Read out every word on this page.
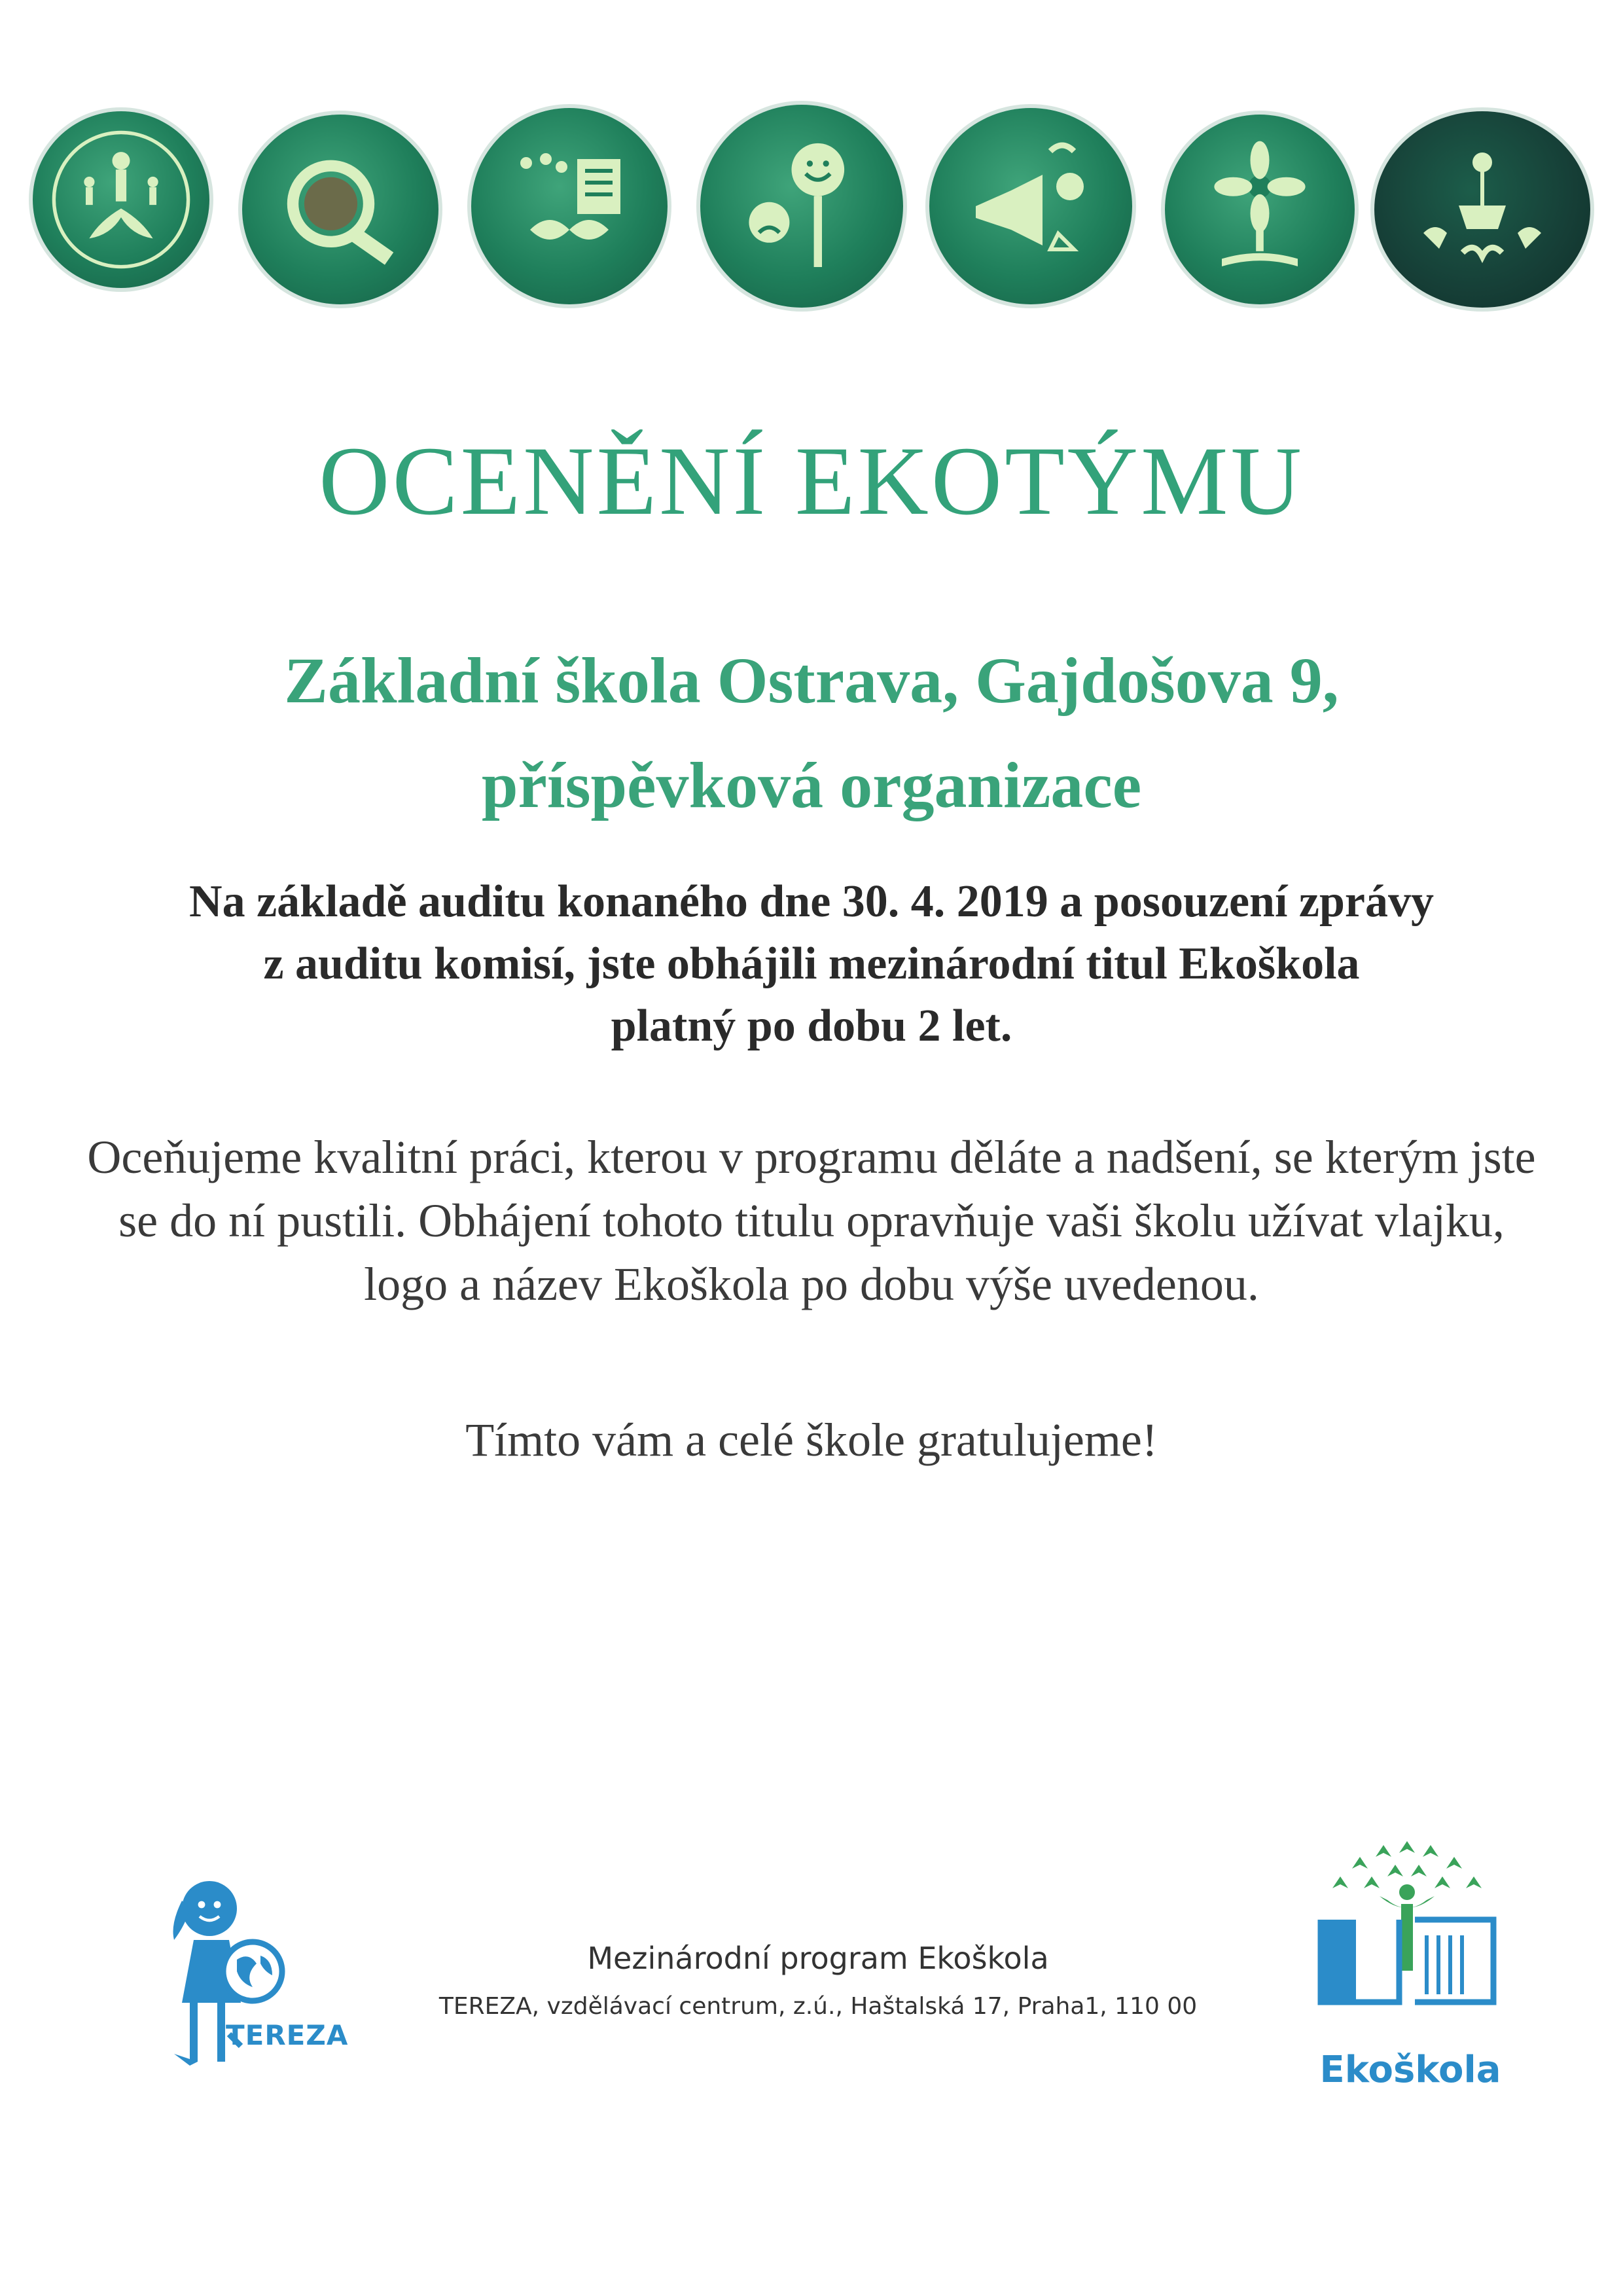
OCENĚNÍ EKOTÝMU
Základní škola Ostrava, Gajdošova 9,
příspěvková organizace
Na základě auditu konaného dne 30. 4. 2019 a posouzení zprávy
z auditu komisí, jste obhájili mezinárodní titul Ekoškola
platný po dobu 2 let.
Oceňujeme kvalitní práci, kterou v programu děláte a nadšení, se kterým jste
se do ní pustili. Obhájení tohoto titulu opravňuje vaši školu užívat vlajku,
logo a název Ekoškola po dobu výše uvedenou.
Tímto vám a celé škole gratulujeme!
TEREZA
Mezinárodní program Ekoškola
TEREZA, vzdělávací centrum, z.ú., Haštalská 17, Praha1, 110 00
Ekoškola
